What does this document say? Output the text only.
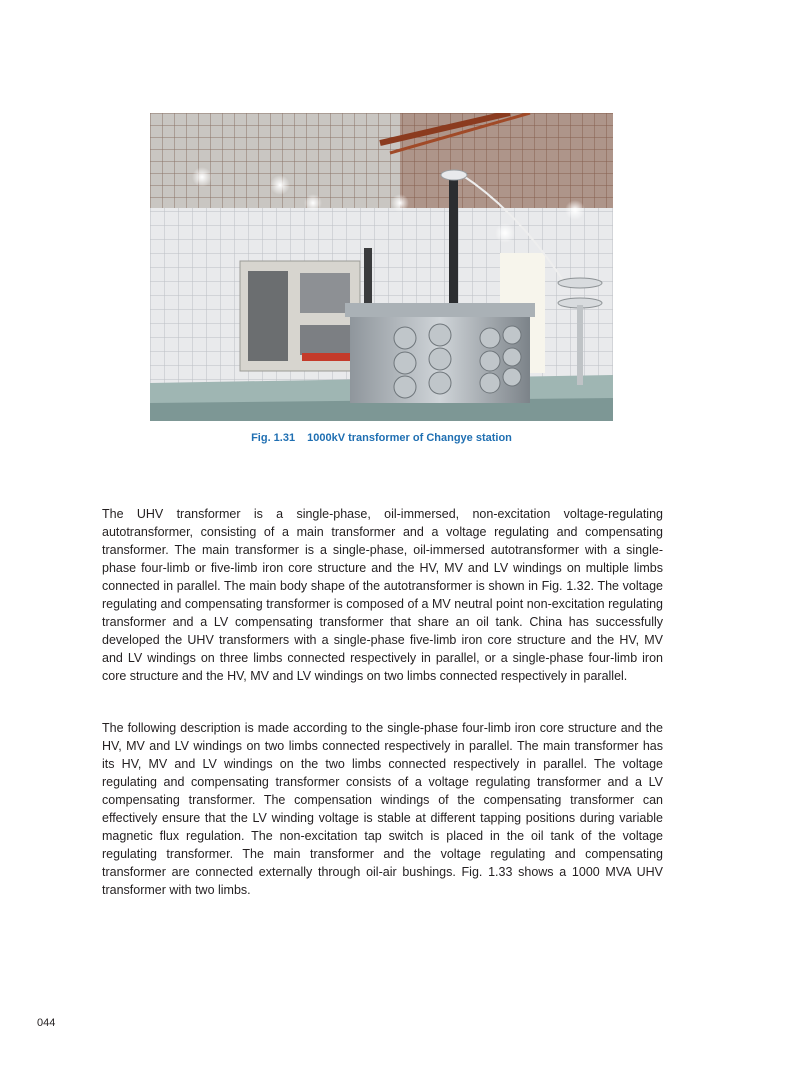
Fig. 1.31 1000kV transformer of Changye station

The UHV transformer is a single-phase, oil-immersed, non-excitation voltage-regulating autotransformer, consisting of a main transformer and a voltage regulating and compensating transformer. The main transformer is a single-phase, oil-immersed autotransformer with a single-phase four-limb or five-limb iron core structure and the HV, MV and LV windings on multiple limbs connected in parallel. The main body shape of the autotransformer is shown in Fig. 1.32. The voltage regulating and compensating transformer is composed of a MV neutral point non-excitation regulating transformer and a LV compensating transformer that share an oil tank. China has successfully developed the UHV transformers with a single-phase five-limb iron core structure and the HV, MV and LV windings on three limbs connected respectively in parallel, or a single-phase four-limb iron core structure and the HV, MV and LV windings on two limbs connected respectively in parallel.

The following description is made according to the single-phase four-limb iron core structure and the HV, MV and LV windings on two limbs connected respectively in parallel. The main transformer has its HV, MV and LV windings on the two limbs connected respectively in parallel. The voltage regulating and compensating transformer consists of a voltage regulating transformer and a LV compensating transformer. The compensation windings of the compensating transformer can effectively ensure that the LV winding voltage is stable at different tapping positions during variable magnetic flux regulation. The non-excitation tap switch is placed in the oil tank of the voltage regulating transformer. The main transformer and the voltage regulating and compensating transformer are connected externally through oil-air bushings. Fig. 1.33 shows a 1000 MVA UHV transformer with two limbs.

044
